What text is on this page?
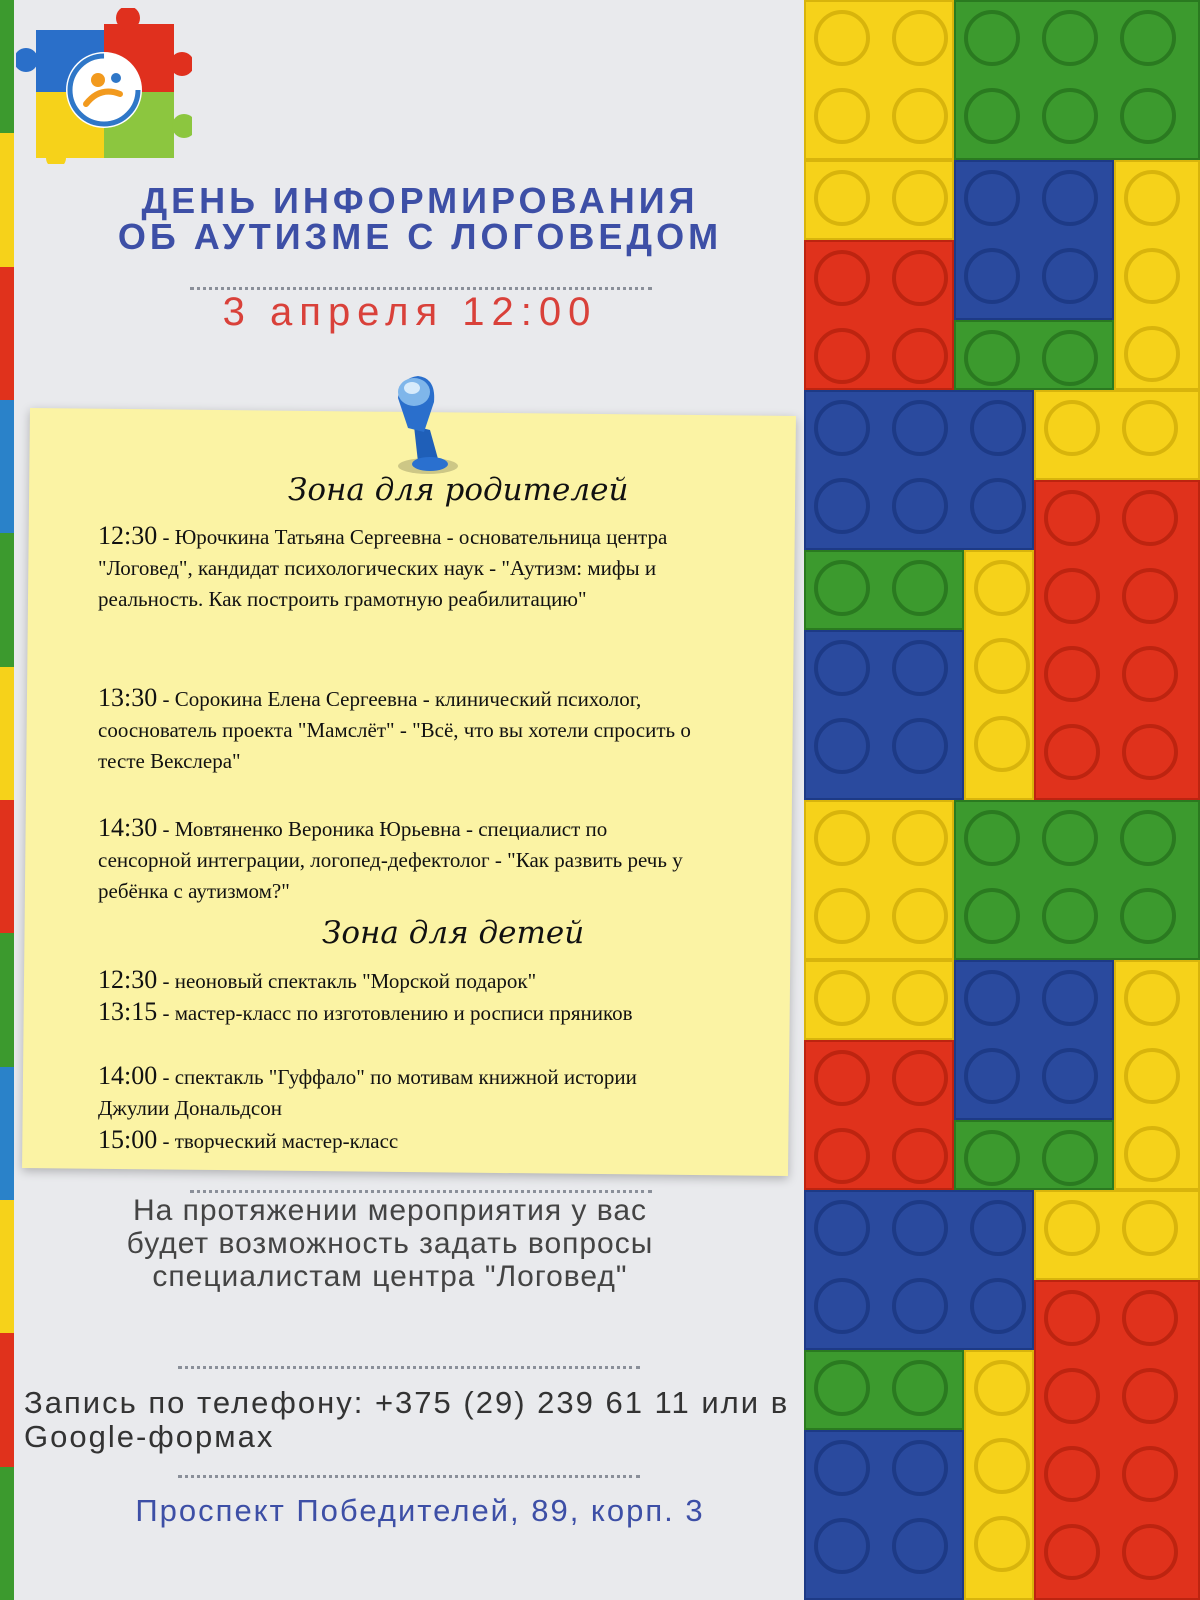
ДЕНЬ ИНФОРМИРОВАНИЯ
ОБ АУТИЗМЕ С ЛОГОВЕДОМ
3 апреля 12:00
Зона для родителей
12:30 - Юрочкина Татьяна Сергеевна - основательница центра "Логовед", кандидат психологических наук - "Аутизм: мифы и реальность. Как построить грамотную реабилитацию"
13:30 - Сорокина Елена Сергеевна - клинический психолог, сооснователь проекта "Мамслёт" - "Всё, что вы хотели спросить о тесте Векслера"
14:30 - Мовтяненко Вероника Юрьевна - специалист по сенсорной интеграции, логопед-дефектолог - "Как развить речь у ребёнка с аутизмом?"
Зона для детей
12:30 - неоновый спектакль "Морской подарок"
13:15 - мастер-класс по изготовлению и росписи пряников
14:00 - спектакль "Гуффало" по мотивам книжной истории Джулии Дональдсон
15:00 - творческий мастер-класс
На протяжении мероприятия у вас будет возможность задать вопросы специалистам центра "Логовед"
Запись по телефону: +375 (29) 239 61 11 или в Google-формах
Проспект Победителей, 89, корп. 3
